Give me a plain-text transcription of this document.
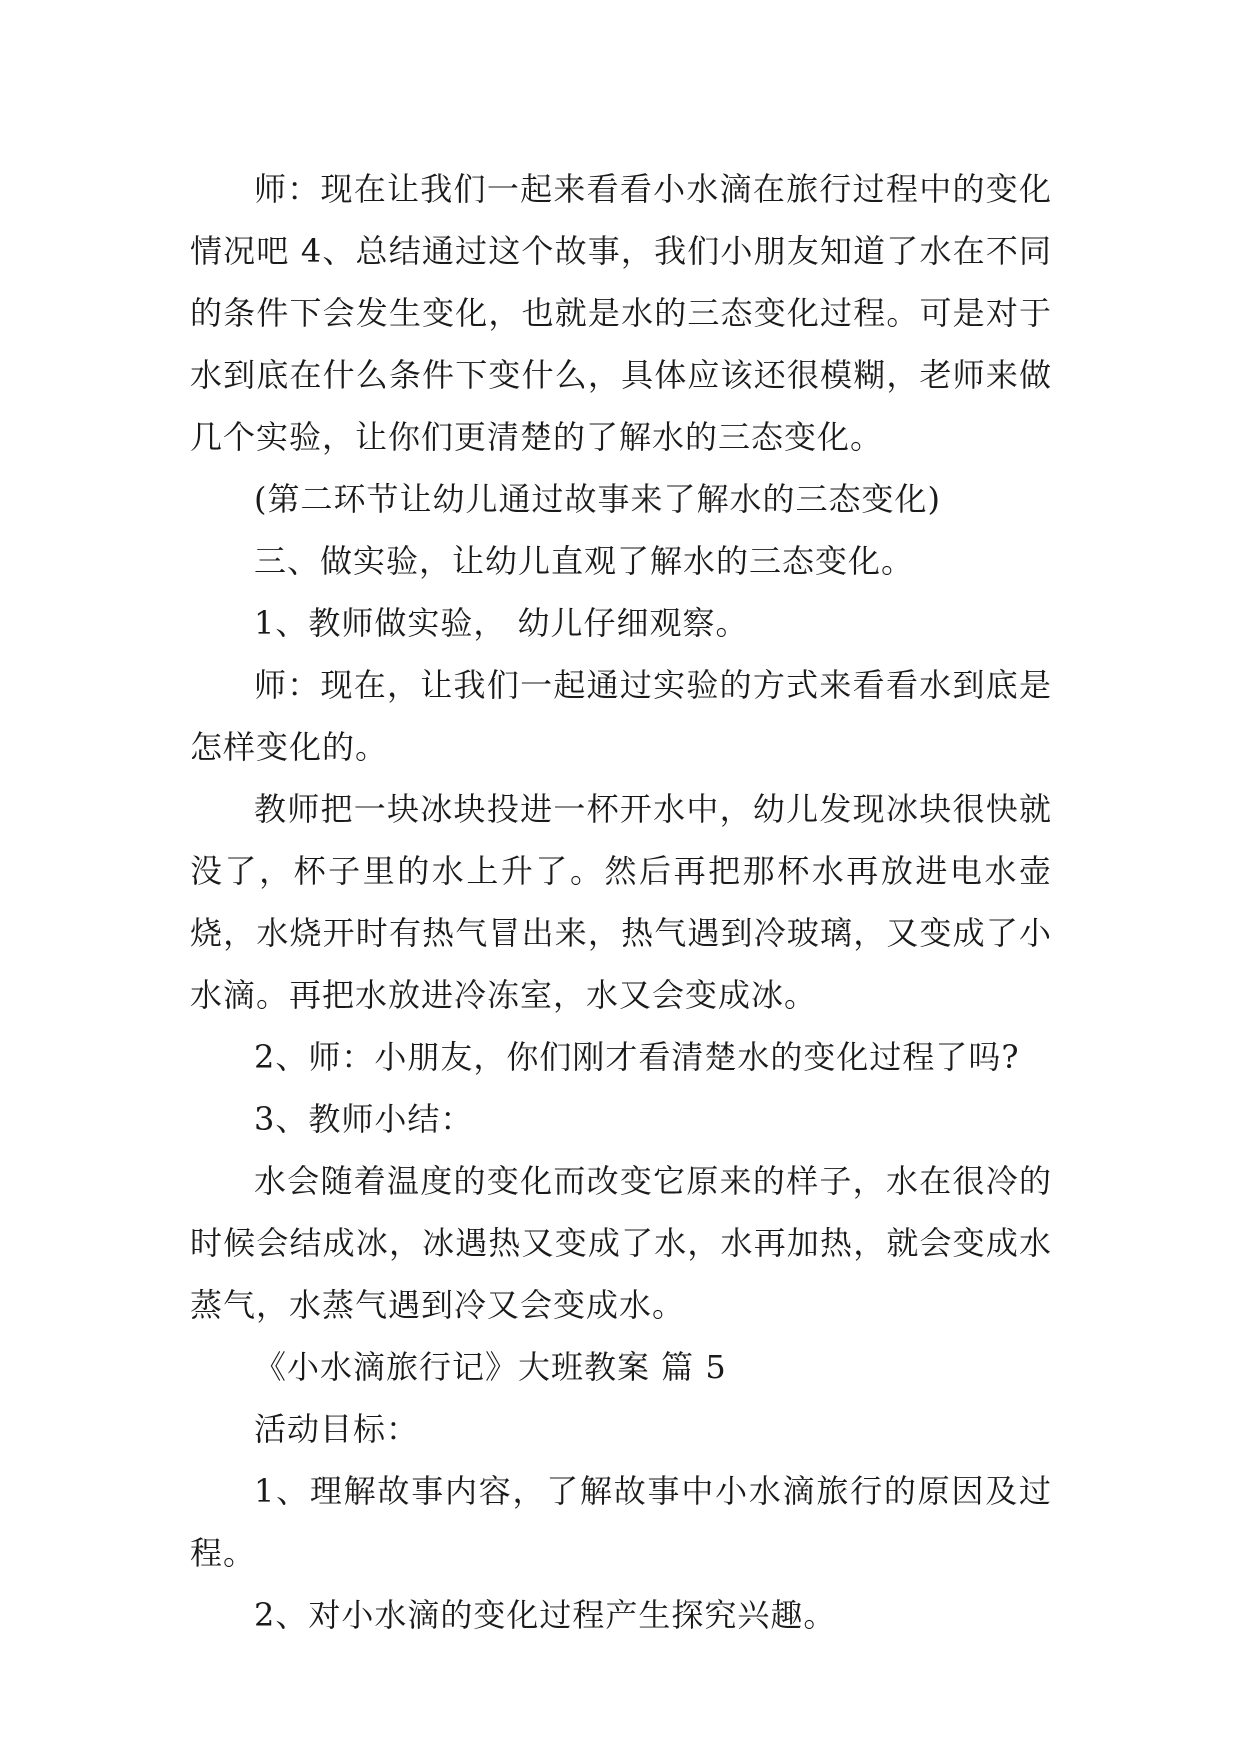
师：现在让我们一起来看看小水滴在旅行过程中的变化情况吧 4、总结通过这个故事，我们小朋友知道了水在不同的条件下会发生变化，也就是水的三态变化过程。可是对于水到底在什么条件下变什么，具体应该还很模糊，老师来做几个实验，让你们更清楚的了解水的三态变化。

(第二环节让幼儿通过故事来了解水的三态变化)

三、做实验，让幼儿直观了解水的三态变化。

1、教师做实验， 幼儿仔细观察。

师：现在，让我们一起通过实验的方式来看看水到底是怎样变化的。

教师把一块冰块投进一杯开水中，幼儿发现冰块很快就没了，杯子里的水上升了。然后再把那杯水再放进电水壶烧，水烧开时有热气冒出来，热气遇到冷玻璃，又变成了小水滴。再把水放进冷冻室，水又会变成冰。

2、师：小朋友，你们刚才看清楚水的变化过程了吗?

3、教师小结：

水会随着温度的变化而改变它原来的样子，水在很冷的时候会结成冰，冰遇热又变成了水，水再加热，就会变成水蒸气，水蒸气遇到冷又会变成水。

《小水滴旅行记》大班教案 篇 5

活动目标：

1、理解故事内容，了解故事中小水滴旅行的原因及过程。

2、对小水滴的变化过程产生探究兴趣。
